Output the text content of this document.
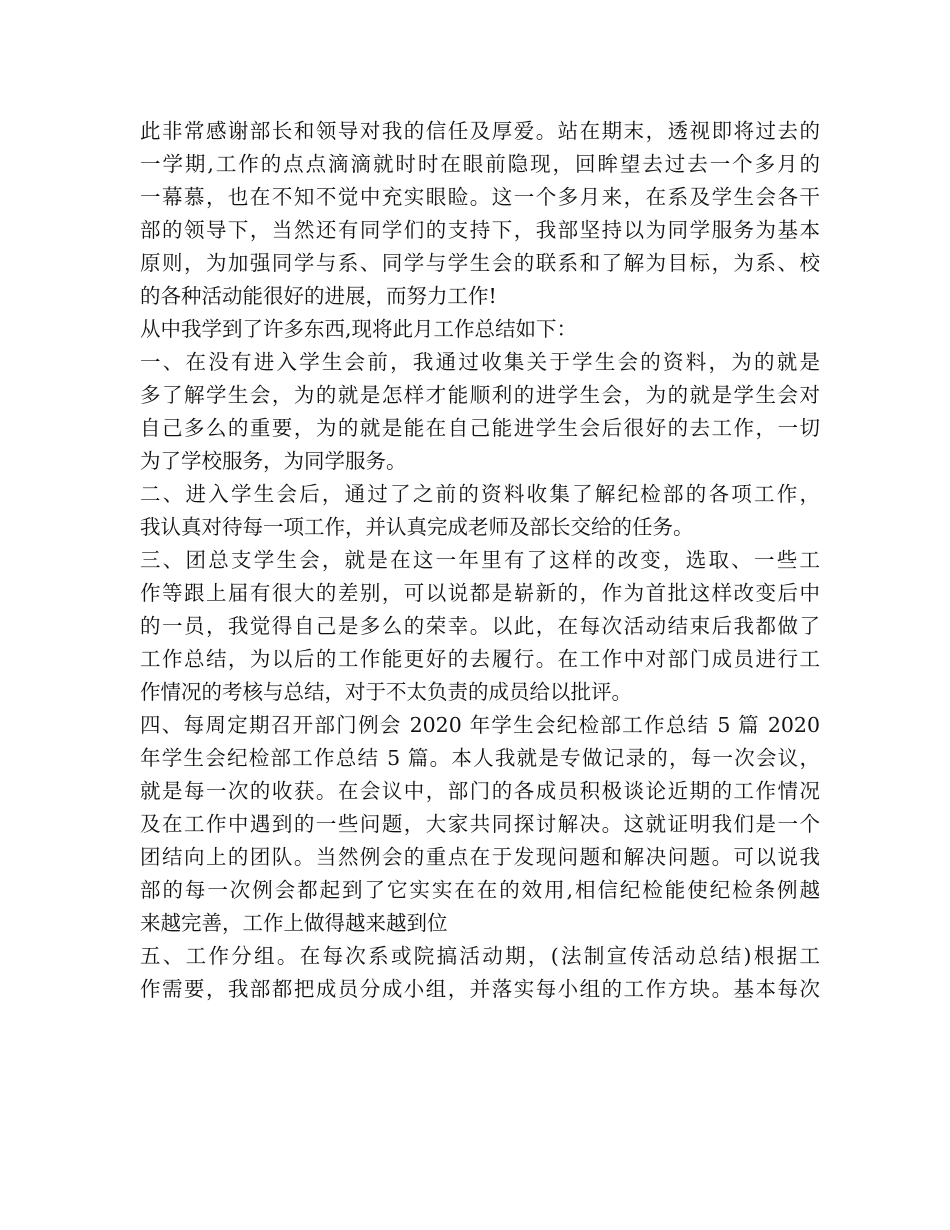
此非常感谢部长和领导对我的信任及厚爱。站在期末，透视即将过去的
一学期,工作的点点滴滴就时时在眼前隐现，回眸望去过去一个多月的
一幕慕，也在不知不觉中充实眼睑。这一个多月来，在系及学生会各干
部的领导下，当然还有同学们的支持下，我部坚持以为同学服务为基本
原则，为加强同学与系、同学与学生会的联系和了解为目标，为系、校
的各种活动能很好的进展，而努力工作!
从中我学到了许多东西,现将此月工作总结如下：
一、在没有进入学生会前，我通过收集关于学生会的资料，为的就是
多了解学生会，为的就是怎样才能顺利的进学生会，为的就是学生会对
自己多么的重要，为的就是能在自己能进学生会后很好的去工作，一切
为了学校服务，为同学服务。
二、进入学生会后，通过了之前的资料收集了解纪检部的各项工作，
我认真对待每一项工作，并认真完成老师及部长交给的任务。
三、团总支学生会，就是在这一年里有了这样的改变，选取、一些工
作等跟上届有很大的差别，可以说都是崭新的，作为首批这样改变后中
的一员，我觉得自己是多么的荣幸。以此，在每次活动结束后我都做了
工作总结，为以后的工作能更好的去履行。在工作中对部门成员进行工
作情况的考核与总结，对于不太负责的成员给以批评。
四、每周定期召开部门例会 2020 年学生会纪检部工作总结 5 篇 2020
年学生会纪检部工作总结 5 篇。本人我就是专做记录的，每一次会议，
就是每一次的收获。在会议中，部门的各成员积极谈论近期的工作情况
及在工作中遇到的一些问题，大家共同探讨解决。这就证明我们是一个
团结向上的团队。当然例会的重点在于发现问题和解决问题。可以说我
部的每一次例会都起到了它实实在在的效用,相信纪检能使纪检条例越
来越完善，工作上做得越来越到位
五、工作分组。在每次系或院搞活动期，(法制宣传活动总结)根据工
作需要，我部都把成员分成小组，并落实每小组的工作方块。基本每次
